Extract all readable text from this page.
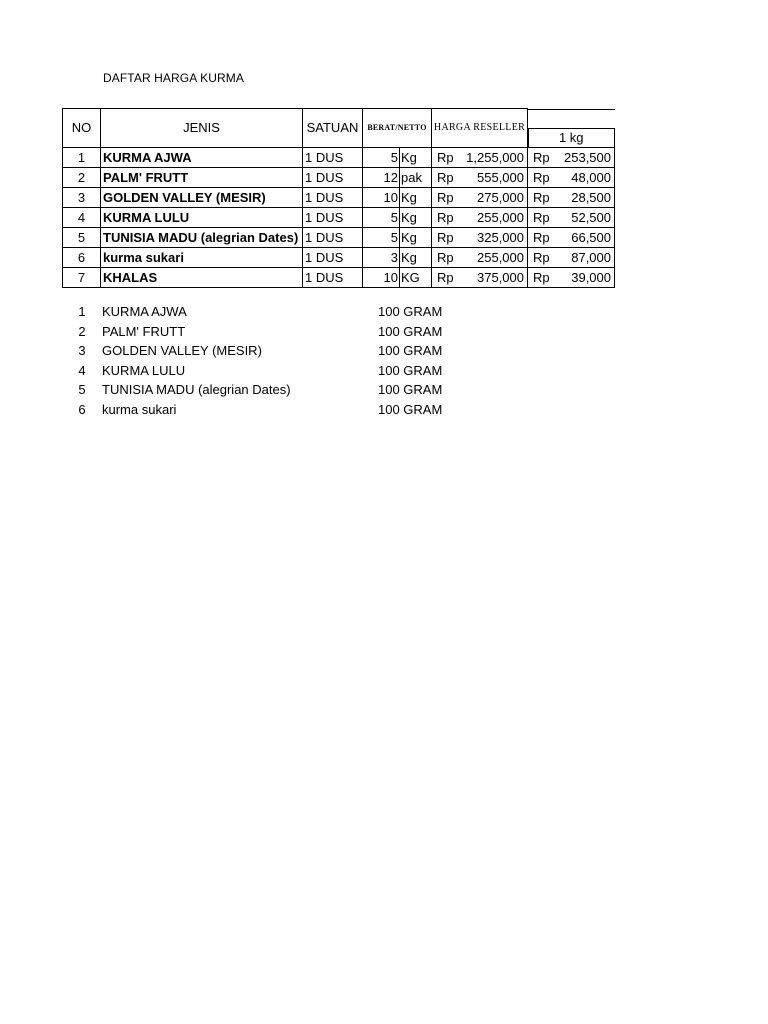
DAFTAR HARGA KURMA
NO	JENIS	SATUAN	BERAT/NETTO		HARGA RESELLER		1 kg	

1	KURMA AJWA	1 DUS	5	Kg	Rp	1,255,000	Rp	253,500
2	PALM' FRUTT	1 DUS	12	pak	Rp	555,000	Rp	48,000
3	GOLDEN VALLEY (MESIR)	1 DUS	10	Kg	Rp	275,000	Rp	28,500
4	KURMA LULU	1 DUS	5	Kg	Rp	255,000	Rp	52,500
5	TUNISIA MADU (alegrian Dates)	1 DUS	5	Kg	Rp	325,000	Rp	66,500
6	kurma sukari	1 DUS	3	Kg	Rp	255,000	Rp	87,000
7	KHALAS	1 DUS	10	KG	Rp	375,000	Rp	39,000
1	KURMA AJWA	100 GRAM
2	PALM' FRUTT	100 GRAM
3	GOLDEN VALLEY (MESIR)	100 GRAM
4	KURMA LULU	100 GRAM
5	TUNISIA MADU (alegrian Dates)	100 GRAM
6	kurma sukari	100 GRAM
